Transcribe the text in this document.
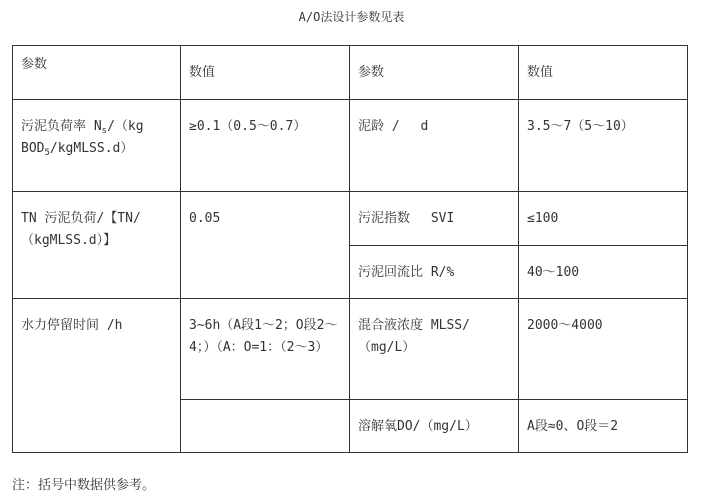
A/O法设计参数见表
参数	数值	参数	数值
污泥负荷率 $N_s/(kg$ $BOD_5/kgMLSS.d$）	≥0.1（0.5～0.7）	泥龄 /　 d	3.5～7（5～10）
TN 污泥负荷/【TN/（kgMLSS.d）】	0.05	污泥指数　 SVI	≤100
		污泥回流比 R/%	40～100
水力停留时间 /h	3~6h（A段1～2；O段2～4；）（A：O=1：（2～3）	混合液浓度 MLSS/（mg/L）	2000～4000
		溶解氧DO/（mg/L）	A段≈0、O段＝2
注：括号中数据供参考。
